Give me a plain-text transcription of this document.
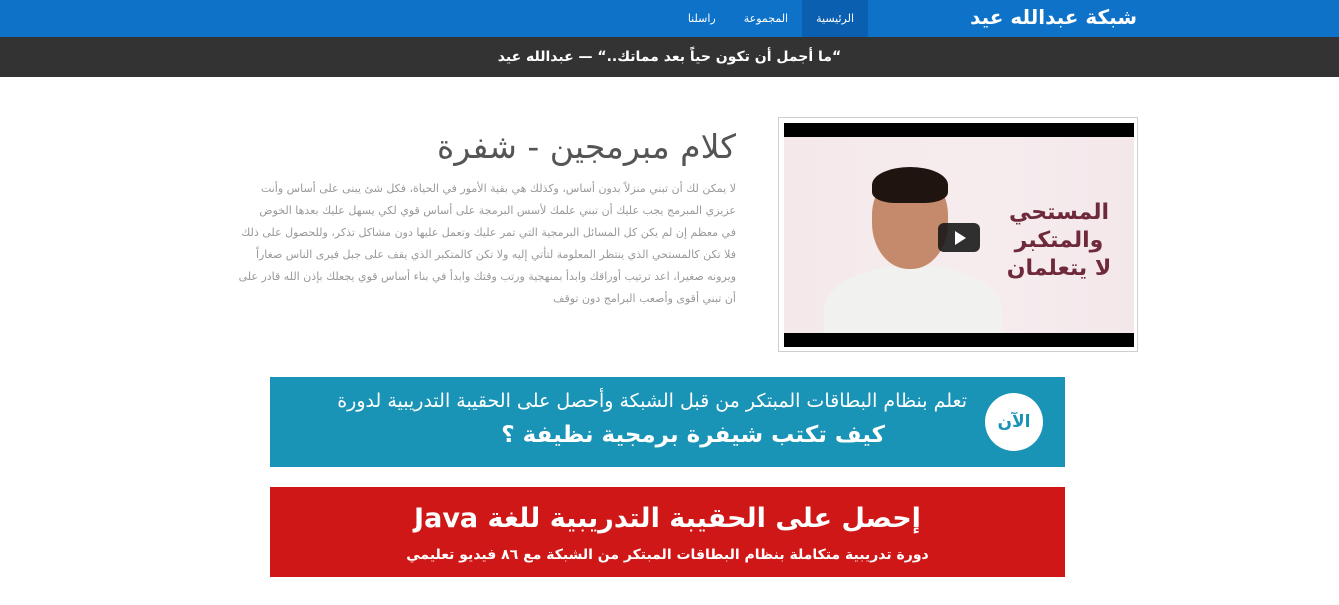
شبكة عبدالله عيد
الرئيسية
المجموعة
راسلنا
“ما أجمل أن تكون حياً بعد مماتك..“ — عبدالله عيد
المستحي والمتكبر
لا يتعلمان
كلام مبرمجين - شفرة
لا يمكن لك أن تبني منزلاً بدون أساس، وكذلك هي بقية الأمور في الحياة، فكل شئ يبنى على أساس وأنت
عزيزي المبرمج يجب عليك أن تبني علمك لأسس البرمجة على أساس قوي لكي يسهل عليك بعدها الخوض
في معظم إن لم يكن كل المسائل البرمجية التي تمر عليك وتعمل عليها دون مشاكل تذكر، وللحصول على ذلك
فلا تكن كالمستحي الذي ينتظر المعلومة لتأتي إليه ولا تكن كالمتكبر الذي يقف على جبل فيرى الناس صغاراً
ويرونه صغيرا، اعد ترتيب أوراقك وابدأ بمنهجية ورتب وقتك وابدأ في بناء أساس قوي يجعلك بإذن الله قادر على
أن تبني أقوى وأصعب البرامج دون توقف
الآن
تعلم بنظام البطاقات المبتكر من قبل الشبكة وأحصل على الحقيبة التدريبية لدورة
كيف تكتب شيفرة برمجية نظيفة ؟
إحصل على الحقيبة التدريبية للغة Java
دورة تدريبية متكاملة بنظام البطاقات المبتكر من الشبكة مع ٨٦ فيديو تعليمي
